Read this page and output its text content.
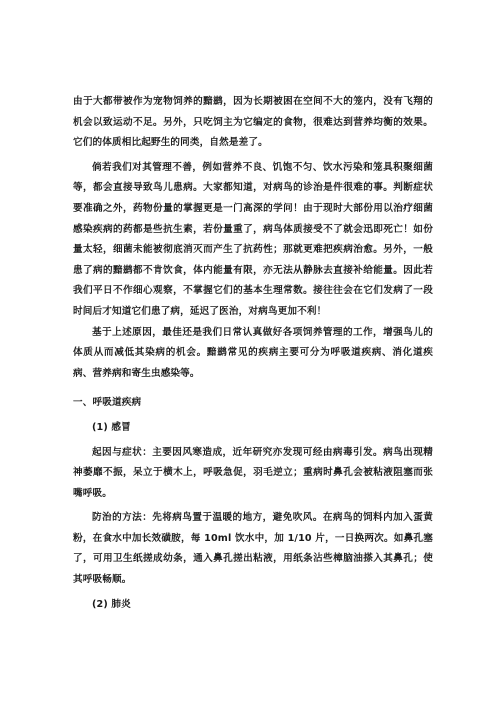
由于大都带被作为宠物饲养的黯鹚，因为长期被困在空间不大的笼内，没有飞翔的机会以致运动不足。另外，只吃饲主为它编定的食物，很难达到营养均衡的效果。它们的体质相比起野生的同类，自然是差了。

倘若我们对其管理不善，例如营养不良、饥饱不匀、饮水污染和笼具积聚细菌等，都会直接导致鸟儿患病。大家都知道，对病鸟的诊治是件很难的事。判断症状要准确之外，药物份量的掌握更是一门高深的学问！由于现时大部份用以治疗细菌感染疾病的药都是些抗生素，若份量重了，病鸟体质接受不了就会迅即死亡！如份量太轻，细菌未能被彻底消灭而产生了抗药性；那就更难把疾病治愈。另外，一般患了病的黯鹚都不肯饮食，体内能量有限，亦无法从静脉去直接补给能量。因此若我们平日不作细心观察，不掌握它们的基本生理常数。接往往会在它们发病了一段时间后才知道它们患了病，延迟了医治，对病鸟更加不利！

基于上述原因，最佳还是我们日常认真做好各项饲养管理的工作，增强鸟儿的体质从而减低其染病的机会。黯鹚常见的疾病主要可分为呼吸道疾病、消化道疾病、营养病和寄生虫感染等。

一、呼吸道疾病

(1) 感冒

起因与症状：主要因风寒造成，近年研究亦发现可经由病毒引发。病鸟出现精神萎靡不振，呆立于横木上，呼吸急促，羽毛逆立；重病时鼻孔会被粘液阻塞而张嘴呼吸。

防治的方法：先将病鸟置于温暖的地方，避免吹风。在病鸟的饲料内加入蛋黄粉，在食水中加长效磺胺，每 10ml 饮水中，加 1/10 片，一日换两次。如鼻孔塞了，可用卫生纸搓成幼条，通入鼻孔搓出粘液，用纸条沾些樟脑油搽入其鼻孔；使其呼吸畅顺。

(2) 肺炎
